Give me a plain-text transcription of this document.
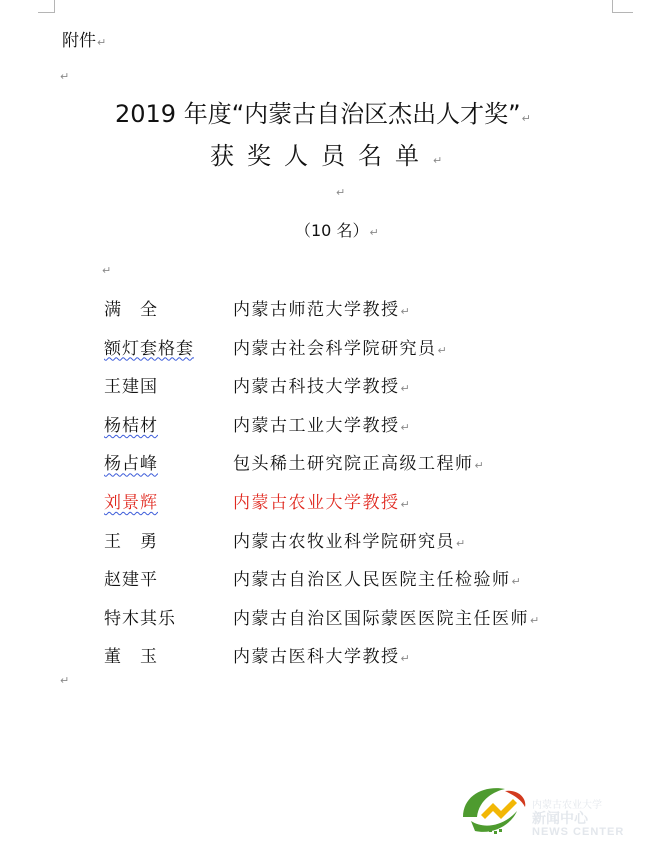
附件↵
↵
2019 年度“内蒙古自治区杰出人才奖”↵
获奖人员名单↵
↵
（10 名）↵
↵
满　全	内蒙古师范大学教授↵
额灯套格套	内蒙古社会科学院研究员↵
王建国	内蒙古科技大学教授↵
杨桔材	内蒙古工业大学教授↵
杨占峰	包头稀土研究院正高级工程师↵
刘景辉	内蒙古农业大学教授↵
王　勇	内蒙古农牧业科学院研究员↵
赵建平	内蒙古自治区人民医院主任检验师↵
特木其乐	内蒙古自治区国际蒙医医院主任医师↵
董　玉	内蒙古医科大学教授↵
↵
内蒙古农业大学
新闻中心
NEWS CENTER
